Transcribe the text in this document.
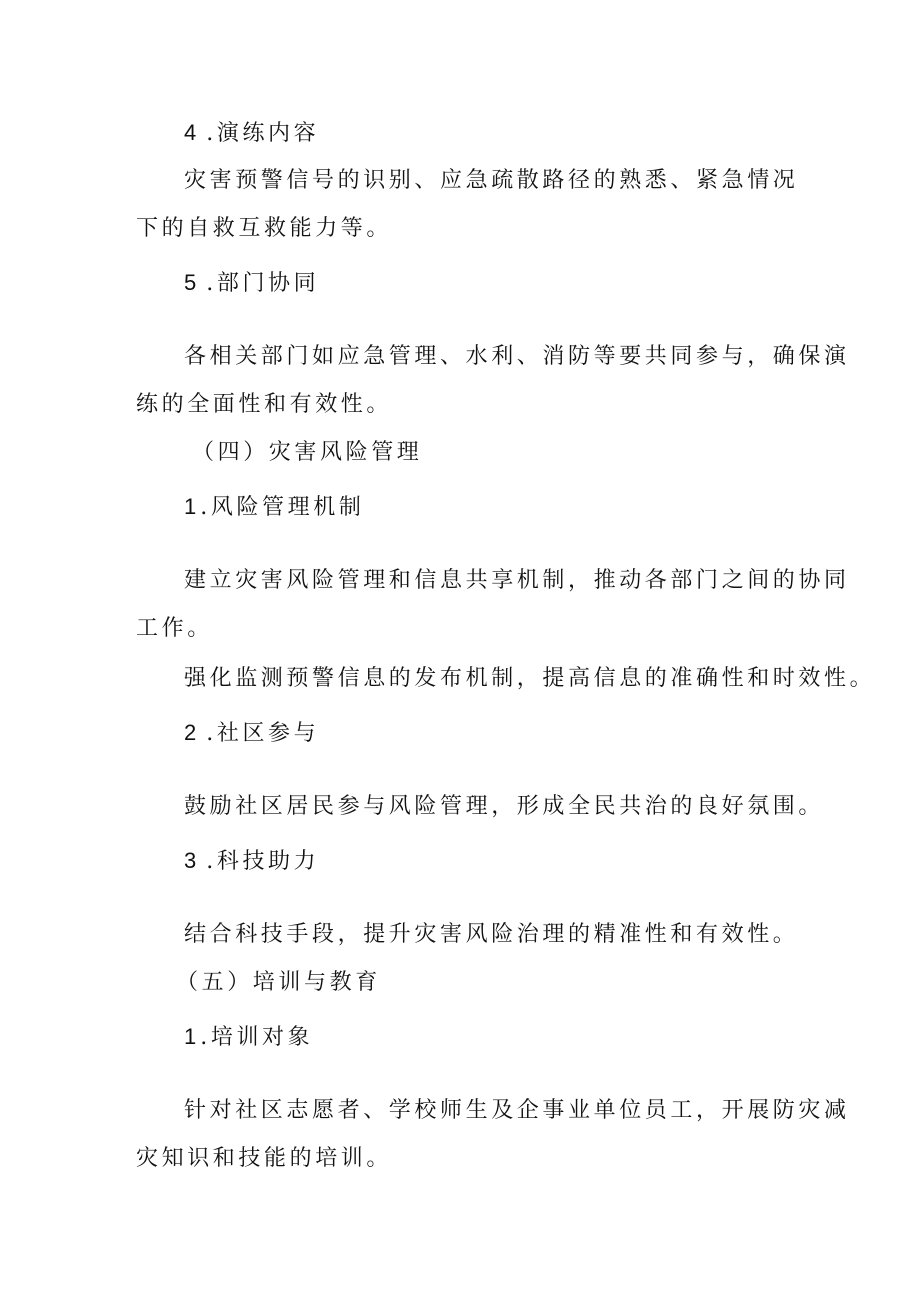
4 .演练内容
灾害预警信号的识别、应急疏散路径的熟悉、紧急情况
下的自救互救能力等。
5 .部门协同
各相关部门如应急管理、水利、消防等要共同参与，确保演
练的全面性和有效性。
（四）灾害风险管理
1 .风险管理机制
建立灾害风险管理和信息共享机制，推动各部门之间的协同
工作。
强化监测预警信息的发布机制，提高信息的准确性和时效性。
2 .社区参与
鼓励社区居民参与风险管理，形成全民共治的良好氛围。
3 .科技助力
结合科技手段，提升灾害风险治理的精准性和有效性。
（五）培训与教育
1 .培训对象
针对社区志愿者、学校师生及企事业单位员工，开展防灾减
灾知识和技能的培训。
